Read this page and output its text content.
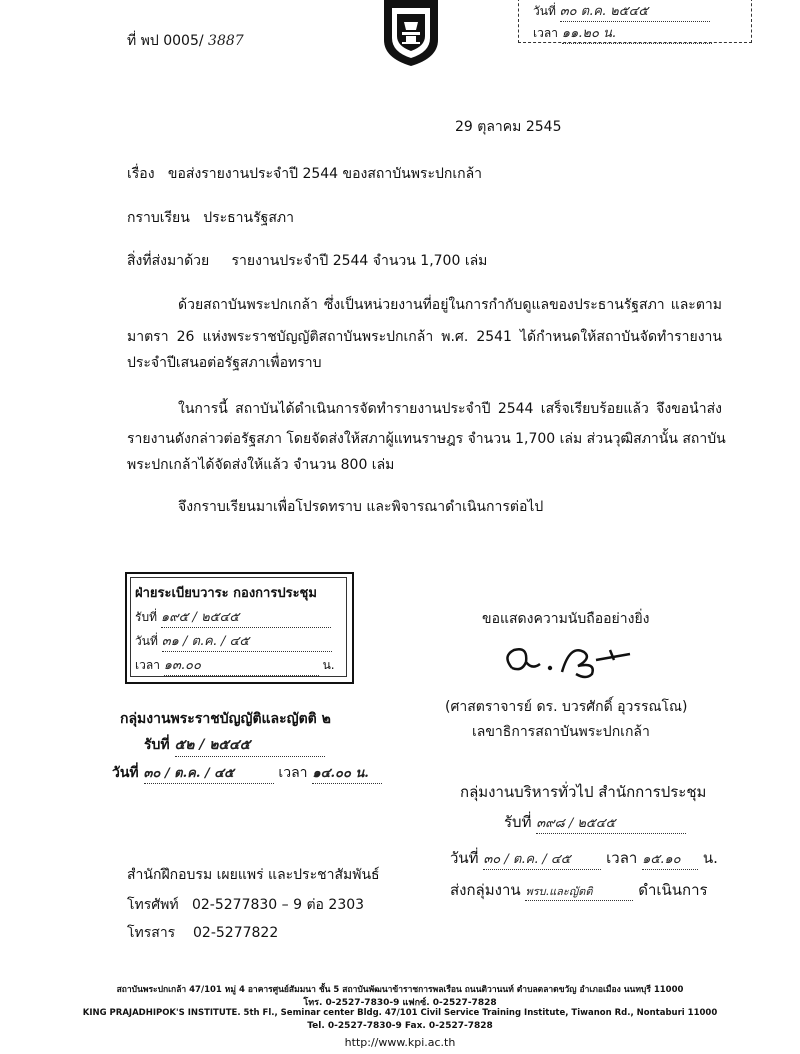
วันที่ ๓๐ ต.ค. ๒๕๔๕
เวลา ๑๑.๒๐ น.
ที่ พป 0005/ 3887
29 ตุลาคม 2545
เรื่อง ขอส่งรายงานประจำปี 2544 ของสถาบันพระปกเกล้า
กราบเรียน ประธานรัฐสภา
สิ่งที่ส่งมาด้วย รายงานประจำปี 2544 จำนวน 1,700 เล่ม
ด้วยสถาบันพระปกเกล้า ซึ่งเป็นหน่วยงานที่อยู่ในการกำกับดูแลของประธานรัฐสภา และตาม
มาตรา 26 แห่งพระราชบัญญัติสถาบันพระปกเกล้า พ.ศ. 2541 ได้กำหนดให้สถาบันจัดทำรายงาน
ประจำปีเสนอต่อรัฐสภาเพื่อทราบ
ในการนี้ สถาบันได้ดำเนินการจัดทำรายงานประจำปี 2544 เสร็จเรียบร้อยแล้ว จึงขอนำส่ง
รายงานดังกล่าวต่อรัฐสภา โดยจัดส่งให้สภาผู้แทนราษฎร จำนวน 1,700 เล่ม ส่วนวุฒิสภานั้น สถาบัน
พระปกเกล้าได้จัดส่งให้แล้ว จำนวน 800 เล่ม
จึงกราบเรียนมาเพื่อโปรดทราบ และพิจารณาดำเนินการต่อไป
ฝ่ายระเบียบวาระ กองการประชุม
รับที่ ๑๙๕ / ๒๕๔๕
วันที่ ๓๑ / ต.ค. / ๔๕
เวลา ๑๓.๐๐	น.
ขอแสดงความนับถืออย่างยิ่ง
(ศาสตราจารย์ ดร. บวรศักดิ์ อุวรรณโณ)
เลขาธิการสถาบันพระปกเกล้า
กลุ่มงานพระราชบัญญัติและญัตติ ๒
รับที่ ๕๒ / ๒๕๔๕
วันที่ ๓๐ / ต.ค. / ๔๕	เวลา ๑๔.๐๐ น.
กลุ่มงานบริหารทั่วไป สำนักการประชุม
รับที่ ๓๙๘ / ๒๕๔๕
วันที่ ๓๐ / ต.ค. / ๔๕ เวลา ๑๕.๑๐ น.
ส่งกลุ่มงาน พรบ.และญัตติ	ดำเนินการ
สำนักฝึกอบรม เผยแพร่ และประชาสัมพันธ์
โทรศัพท์ 02-5277830 – 9 ต่อ 2303
โทรสาร 02-5277822
สถาบันพระปกเกล้า 47/101 หมู่ 4 อาคารศูนย์สัมมนา ชั้น 5 สถาบันพัฒนาข้าราชการพลเรือน ถนนติวานนท์ ตำบลตลาดขวัญ อำเภอเมือง นนทบุรี 11000
โทร. 0-2527-7830-9 แฟกซ์. 0-2527-7828
KING PRAJADHIPOK'S INSTITUTE. 5th Fl., Seminar center Bldg. 47/101 Civil Service Training Institute, Tiwanon Rd., Nontaburi 11000
Tel. 0-2527-7830-9 Fax. 0-2527-7828
http://www.kpi.ac.th
